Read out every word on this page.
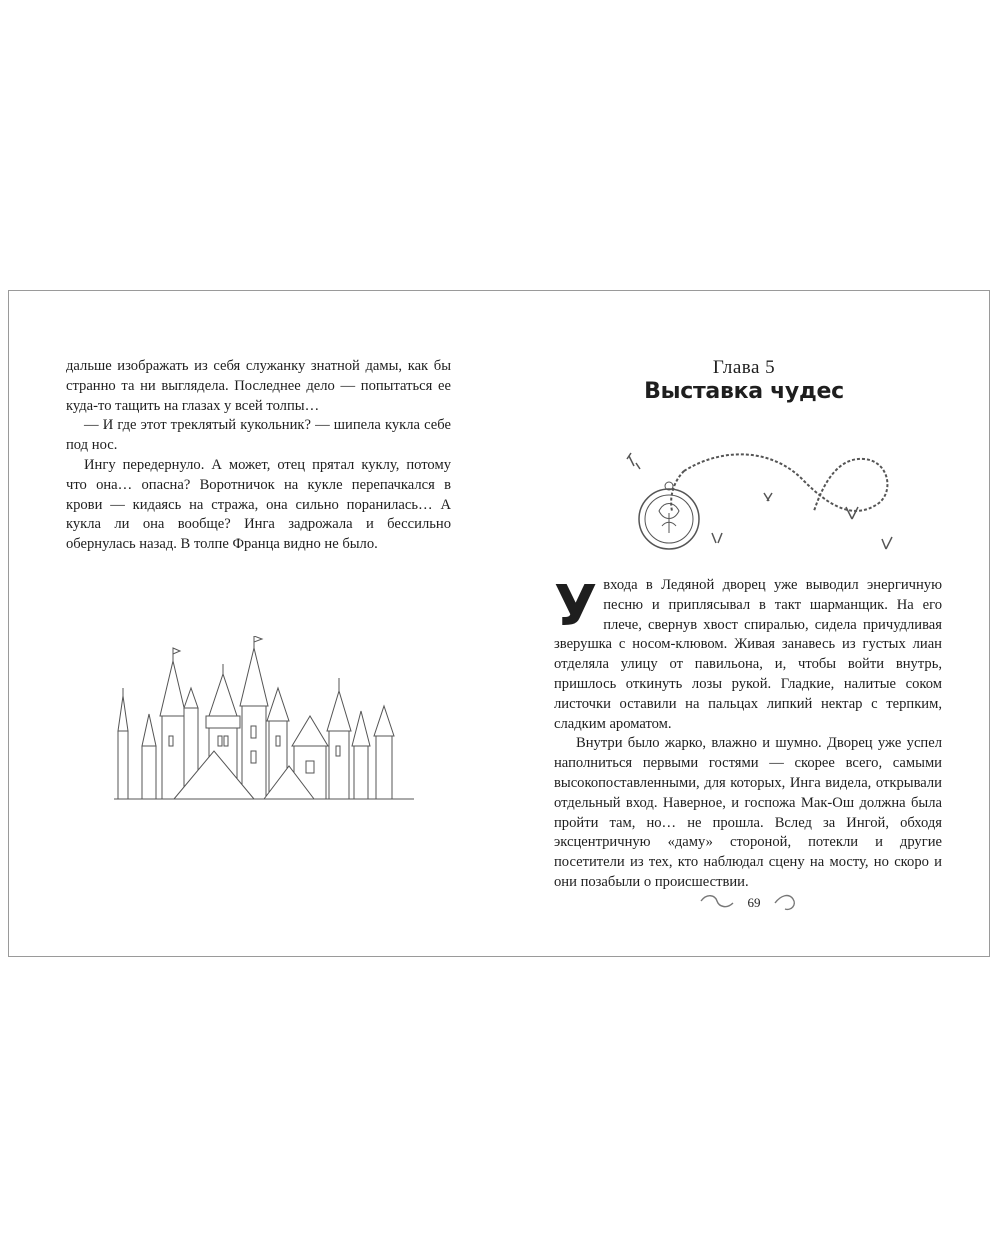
дальше изображать из себя служанку знатной дамы, как бы странно та ни выглядела. Последнее дело — попытаться ее куда-то тащить на глазах у всей толпы…

— И где этот треклятый кукольник? — шипела кукла себе под нос.

Ингу передернуло. А может, отец прятал куклу, потому что она… опасна? Воротничок на кукле перепачкался в крови — кидаясь на стража, она сильно поранилась… А кукла ли она вообще? Инга задрожала и бессильно обернулась назад. В толпе Франца видно не было.

Глава 5
Выставка чудес

Увхода в Ледяной дворец уже выводил энергичную песню и приплясывал в такт шарманщик. На его плече, свернув хвост спиралью, сидела причудливая зверушка с носом-клювом. Живая занавесь из густых лиан отделяла улицу от павильона, и, чтобы войти внутрь, пришлось откинуть лозы рукой. Гладкие, налитые соком листочки оставили на пальцах липкий нектар с терпким, сладким ароматом.

Внутри было жарко, влажно и шумно. Дворец уже успел наполниться первыми гостями — скорее всего, самыми высокопоставленными, для которых, Инга видела, открывали отдельный вход. Наверное, и госпожа Мак-Ош должна была пройти там, но… не прошла. Вслед за Ингой, обходя эксцентричную «даму» стороной, потекли и другие посетители из тех, кто наблюдал сцену на мосту, но скоро и они позабыли о происшествии.

69
